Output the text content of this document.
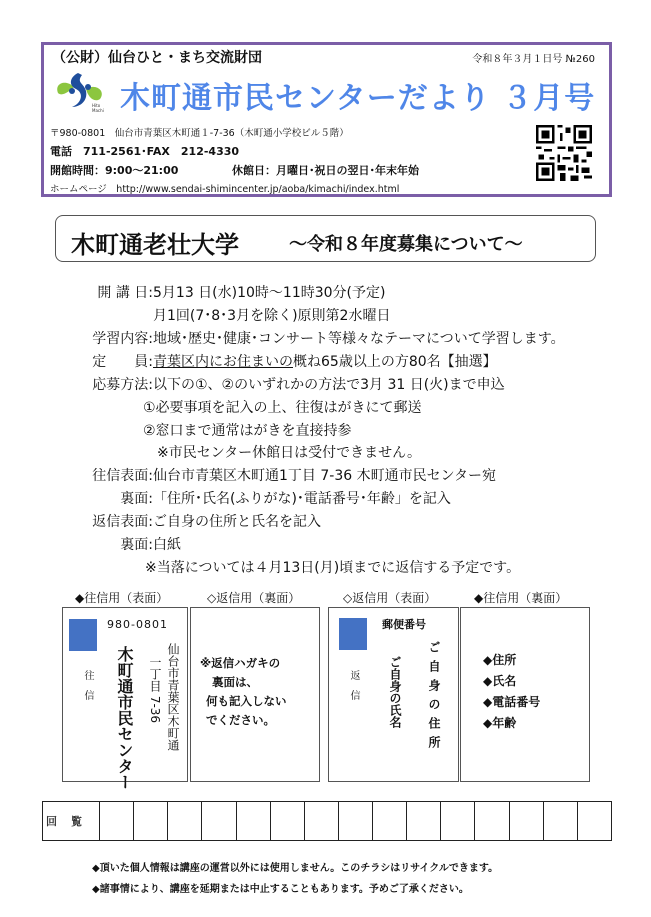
（公財）仙台ひと・まち交流財団	令和８年３月１日号 №260
Hito
Machi 木町通市民センターだより ３月号
〒980-0801　仙台市青葉区木町通１-7-36（木町通小学校ビル５階）
電話　711-2561･FAX　212-4330
開館時間：9:00～21:00	休館日：月曜日･祝日の翌日･年末年始
ホームページ　http://www.sendai-shimincenter.jp/aoba/kimachi/index.html
木町通老壮大学	～令和８年度募集について～
開 講 日:5月13 日(水)10時～11時30分(予定)
月1回(7･8･3月を除く)原則第2水曜日
学習内容:地域･歴史･健康･コンサート等様々なテーマについて学習します。
定　　員:青葉区内にお住まいの概ね65歳以上の方80名【抽選】
応募方法:以下の①、②のいずれかの方法で3月 31 日(火)まで申込
①必要事項を記入の上、往復はがきにて郵送
②窓口まで通常はがきを直接持参
※市民センター休館日は受付できません。
往信表面:仙台市青葉区木町通1丁目 7-36 木町通市民センター宛
裏面:「住所･氏名(ふりがな)･電話番号･年齢」を記入
返信表面:ご自身の住所と氏名を記入
裏面:白紙
※当落については４月13日(月)頃までに返信する予定です。
◆往信用（表面）
980-0801
往信	仙台市青葉区木町通
一丁目 7-36
木町通市民センター
◇返信用（裏面）
※返信ハガキの
裏面は、
何も記入しない
でください。
◇返信用（表面）
郵便番号
返信	ご自身の住所
ご自身の氏名
◆往信用（裏面）
◆住所
◆氏名
◆電話番号
◆年齢
回覧															
◆頂いた個人情報は講座の運営以外には使用しません。このチラシはリサイクルできます。
◆諸事情により、講座を延期または中止することもあります。予めご了承ください。
